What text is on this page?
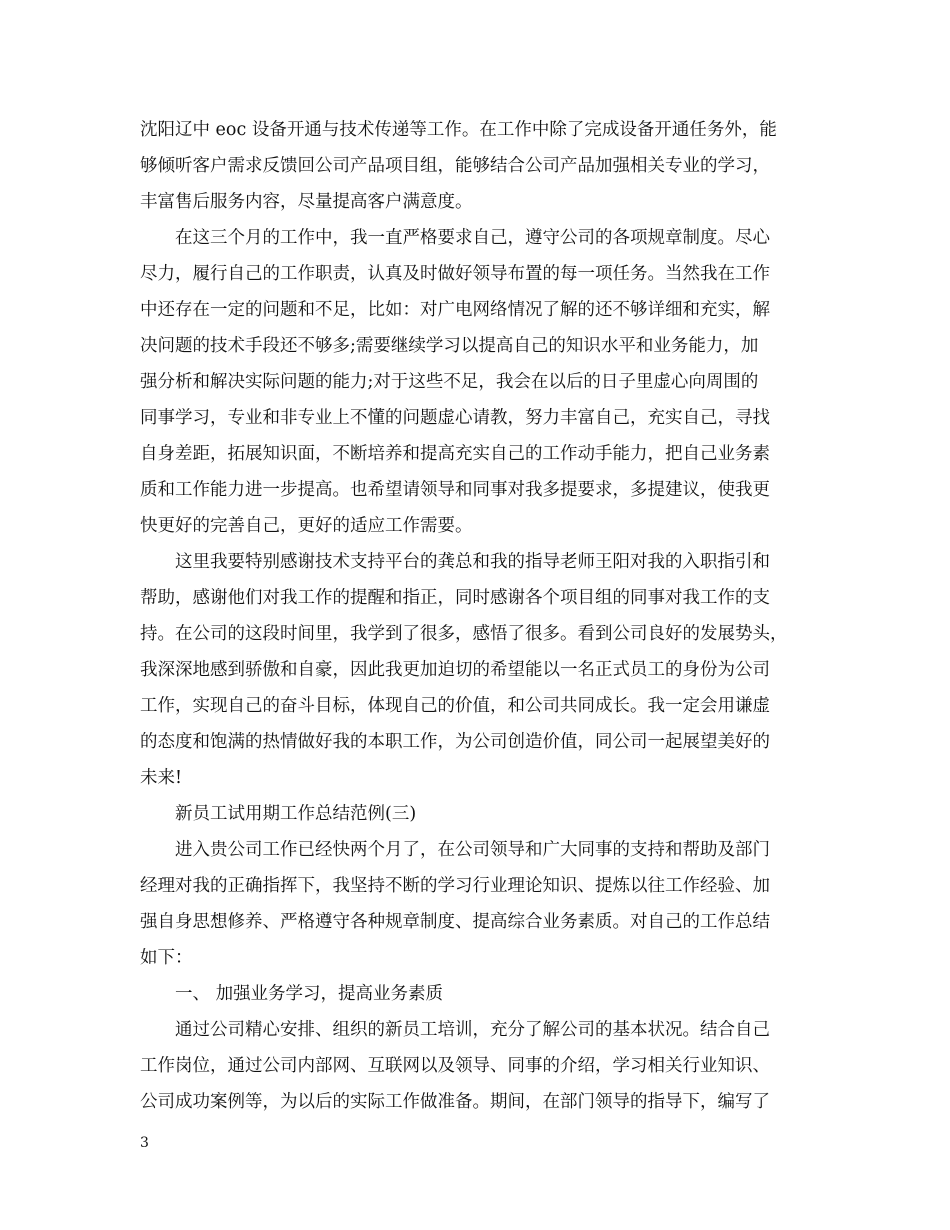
沈阳辽中 eoc 设备开通与技术传递等工作。在工作中除了完成设备开通任务外，能
够倾听客户需求反馈回公司产品项目组，能够结合公司产品加强相关专业的学习，
丰富售后服务内容，尽量提高客户满意度。
在这三个月的工作中，我一直严格要求自己，遵守公司的各项规章制度。尽心
尽力，履行自己的工作职责，认真及时做好领导布置的每一项任务。当然我在工作
中还存在一定的问题和不足，比如：对广电网络情况了解的还不够详细和充实，解
决问题的技术手段还不够多;需要继续学习以提高自己的知识水平和业务能力，加
强分析和解决实际问题的能力;对于这些不足，我会在以后的日子里虚心向周围的
同事学习，专业和非专业上不懂的问题虚心请教，努力丰富自己，充实自己，寻找
自身差距，拓展知识面，不断培养和提高充实自己的工作动手能力，把自己业务素
质和工作能力进一步提高。也希望请领导和同事对我多提要求，多提建议，使我更
快更好的完善自己，更好的适应工作需要。
这里我要特别感谢技术支持平台的龚总和我的指导老师王阳对我的入职指引和
帮助，感谢他们对我工作的提醒和指正，同时感谢各个项目组的同事对我工作的支
持。在公司的这段时间里，我学到了很多，感悟了很多。看到公司良好的发展势头，
我深深地感到骄傲和自豪，因此我更加迫切的希望能以一名正式员工的身份为公司
工作，实现自己的奋斗目标，体现自己的价值，和公司共同成长。我一定会用谦虚
的态度和饱满的热情做好我的本职工作，为公司创造价值，同公司一起展望美好的
未来!
新员工试用期工作总结范例(三)
进入贵公司工作已经快两个月了，在公司领导和广大同事的支持和帮助及部门
经理对我的正确指挥下，我坚持不断的学习行业理论知识、提炼以往工作经验、加
强自身思想修养、严格遵守各种规章制度、提高综合业务素质。对自己的工作总结
如下：
一、 加强业务学习，提高业务素质
通过公司精心安排、组织的新员工培训，充分了解公司的基本状况。结合自己
工作岗位，通过公司内部网、互联网以及领导、同事的介绍，学习相关行业知识、
公司成功案例等，为以后的实际工作做准备。期间，在部门领导的指导下，编写了
3
